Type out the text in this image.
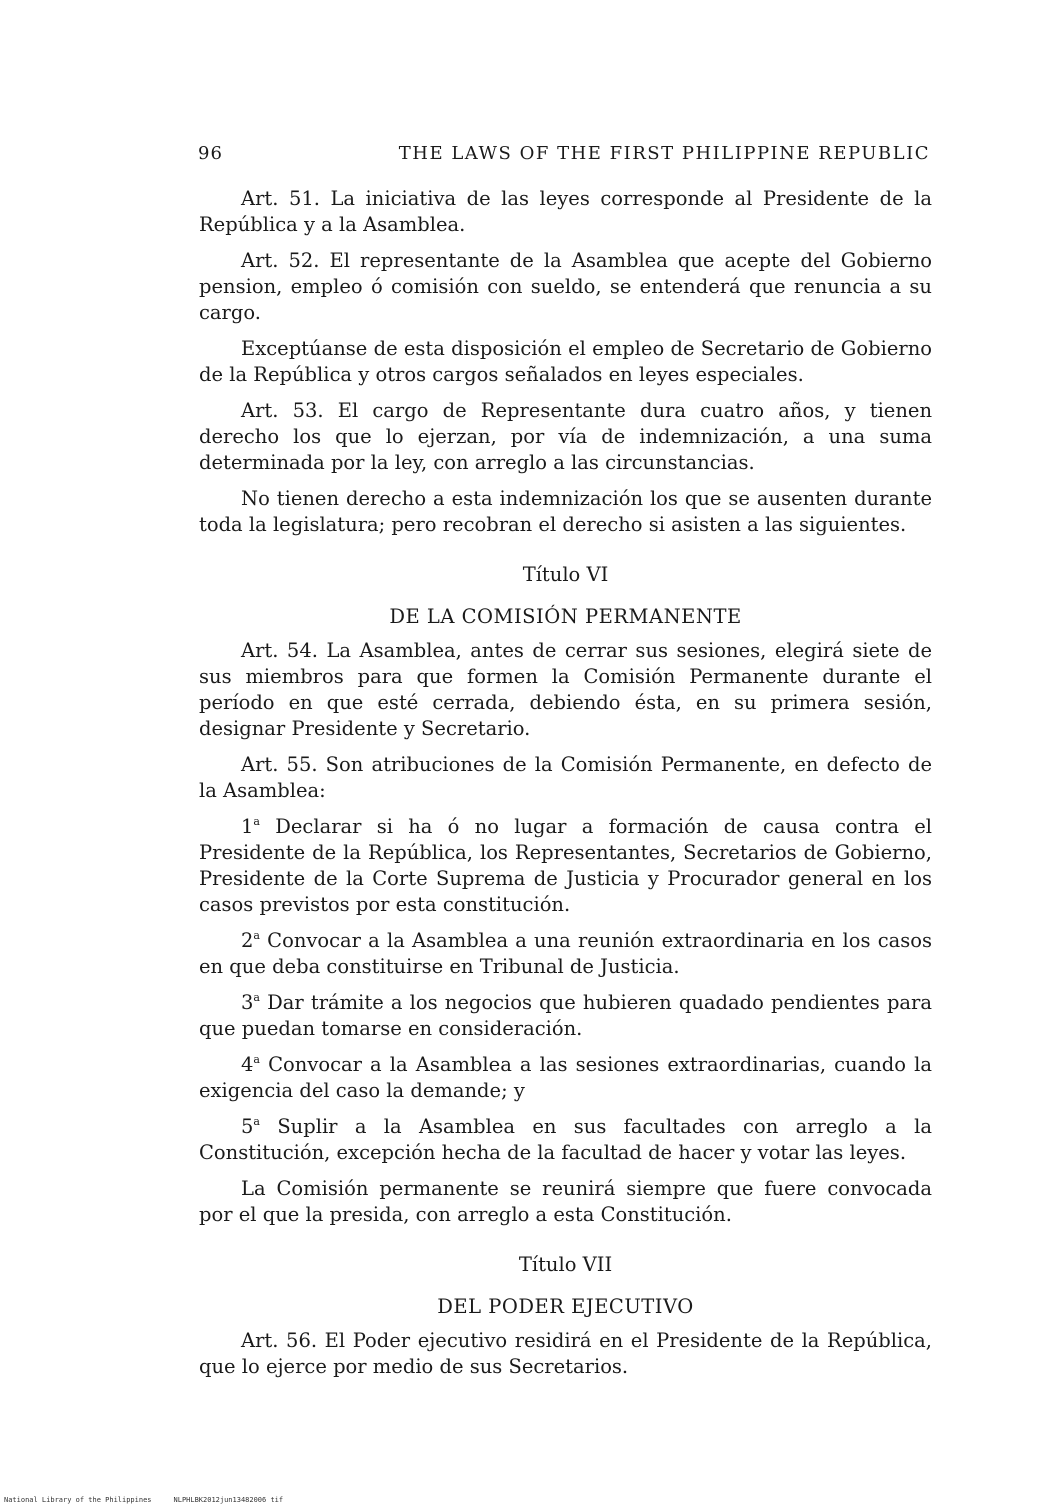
96	THE LAWS OF THE FIRST PHILIPPINE REPUBLIC

Art. 51. La iniciativa de las leyes corresponde al Presidente de la República y a la Asamblea.

Art. 52. El representante de la Asamblea que acepte del Gobierno pension, empleo ó comisión con sueldo, se entenderá que renuncia a su cargo.

Exceptúanse de esta disposición el empleo de Secretario de Gobierno de la República y otros cargos señalados en leyes especiales.

Art. 53. El cargo de Representante dura cuatro años, y tienen derecho los que lo ejerzan, por vía de indemnización, a una suma determinada por la ley, con arreglo a las circunstancias.

No tienen derecho a esta indemnización los que se ausenten durante toda la legislatura; pero recobran el derecho si asisten a las siguientes.

Título VI

DE LA COMISIÓN PERMANENTE

Art. 54. La Asamblea, antes de cerrar sus sesiones, elegirá siete de sus miembros para que formen la Comisión Permanente durante el período en que esté cerrada, debiendo ésta, en su primera sesión, designar Presidente y Secretario.

Art. 55. Son atribuciones de la Comisión Permanente, en defecto de la Asamblea:

1$^a$ Declarar si ha ó no lugar a formación de causa contra el Presidente de la República, los Representantes, Secretarios de Gobierno, Presidente de la Corte Suprema de Justicia y Procurador general en los casos previstos por esta constitución.

2$^a$ Convocar a la Asamblea a una reunión extraordinaria en los casos en que deba constituirse en Tribunal de Justicia.

3$^a$ Dar trámite a los negocios que hubieren quadado pendientes para que puedan tomarse en consideración.

4$^a$ Convocar a la Asamblea a las sesiones extraordinarias, cuando la exigencia del caso la demande; y

5$^a$ Suplir a la Asamblea en sus facultades con arreglo a la Constitución, excepción hecha de la facultad de hacer y votar las leyes.

La Comisión permanente se reunirá siempre que fuere convocada por el que la presida, con arreglo a esta Constitución.

Título VII

DEL PODER EJECUTIVO

Art. 56. El Poder ejecutivo residirá en el Presidente de la República, que lo ejerce por medio de sus Secretarios.

National Library of the Philippines	NLPHLBK2012jun13482006 tif
